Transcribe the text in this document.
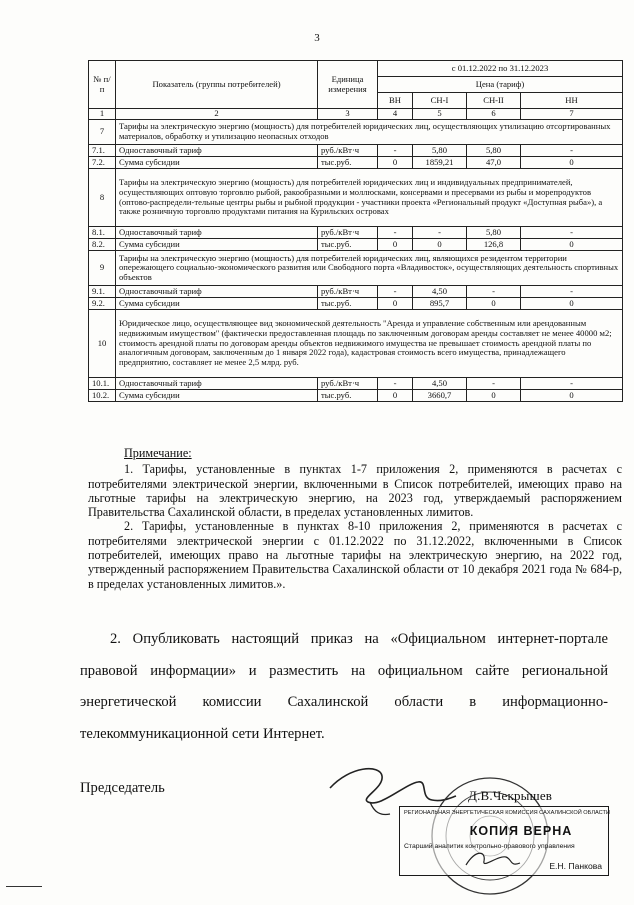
3
№ п/п	Показатель (группы потребителей)	Единица измерения	с 01.12.2022 по 31.12.2023			
			Цена (тариф)			
			ВН	СН-I	СН-II	НН
1	2	3	4	5	6	7
7	Тарифы на электрическую энергию (мощность) для потребителей юридических лиц, осуществляющих утилизацию отсортированных материалов, обработку и утилизацию неопасных отходов					
7.1.	Одноставочный тариф	руб./кВт·ч	-	5,80	5,80	-
7.2.	Сумма субсидии	тыс.руб.	0	1859,21	47,0	0
8	Тарифы на электрическую энергию (мощность) для потребителей юридических лиц и индивидуальных предпринимателей, осуществляющих оптовую торговлю рыбой, ракообразными и моллюсками, консервами и пресервами из рыбы и морепродуктов (оптово-распредели-тельные центры рыбы и рыбной продукции - участники проекта «Региональный продукт «Доступная рыба»), а также розничную торговлю продуктами питания на Курильских островах					
8.1.	Одноставочный тариф	руб./кВт·ч	-	-	5,80	-
8.2.	Сумма субсидии	тыс.руб.	0	0	126,8	0
9	Тарифы на электрическую энергию (мощность) для потребителей юридических лиц, являющихся резидентом территории опережающего социально-экономического развития или Свободного порта «Владивосток», осуществляющих деятельность спортивных объектов					
9.1.	Одноставочный тариф	руб./кВт·ч	-	4,50	-	-
9.2.	Сумма субсидии	тыс.руб.	0	895,7	0	0
10	Юридическое лицо, осуществляющее вид экономической деятельность "Аренда и управление собственным или арендованным недвижимым имуществом" (фактически предоставленная площадь по заключенным договорам аренды составляет не менее 40000 м2; стоимость арендной платы по договорам аренды объектов недвижимого имущества не превышает стоимость арендной платы по аналогичным договорам, заключенным до 1 января 2022 года), кадастровая стоимость всего имущества, принадлежащего предприятию, составляет не менее 2,5 млрд. руб.					
10.1.	Одноставочный тариф	руб./кВт·ч	-	4,50	-	-
10.2.	Сумма субсидии	тыс.руб.	0	3660,7	0	0
Примечание:

1. Тарифы, установленные в пунктах 1-7 приложения 2, применяются в расчетах с потребителями электрической энергии, включенными в Список потребителей, имеющих право на льготные тарифы на электрическую энергию, на 2023 год, утверждаемый распоряжением Правительства Сахалинской области, в пределах установленных лимитов.

2. Тарифы, установленные в пунктах 8-10 приложения 2, применяются в расчетах с потребителями электрической энергии с 01.12.2022 по 31.12.2022, включенными в Список потребителей, имеющих право на льготные тарифы на электрическую энергию, на 2022 год, утвержденный распоряжением Правительства Сахалинской области от 10 декабря 2021 года № 684-р, в пределах установленных лимитов.».

2. Опубликовать настоящий приказ на «Официальном интернет-портале правовой информации» и разместить на официальном сайте региональной энергетической комиссии Сахалинской области в информационно-телекоммуникационной сети Интернет.

Председатель	Д.В.Чекрышев
РЕГИОНАЛЬНАЯ ЭНЕРГЕТИЧЕСКАЯ КОМИССИЯ САХАЛИНСКОЙ ОБЛАСТИ
КОПИЯ ВЕРНА
Старший аналитик контрольно-правового управления
Е.Н. Панкова
